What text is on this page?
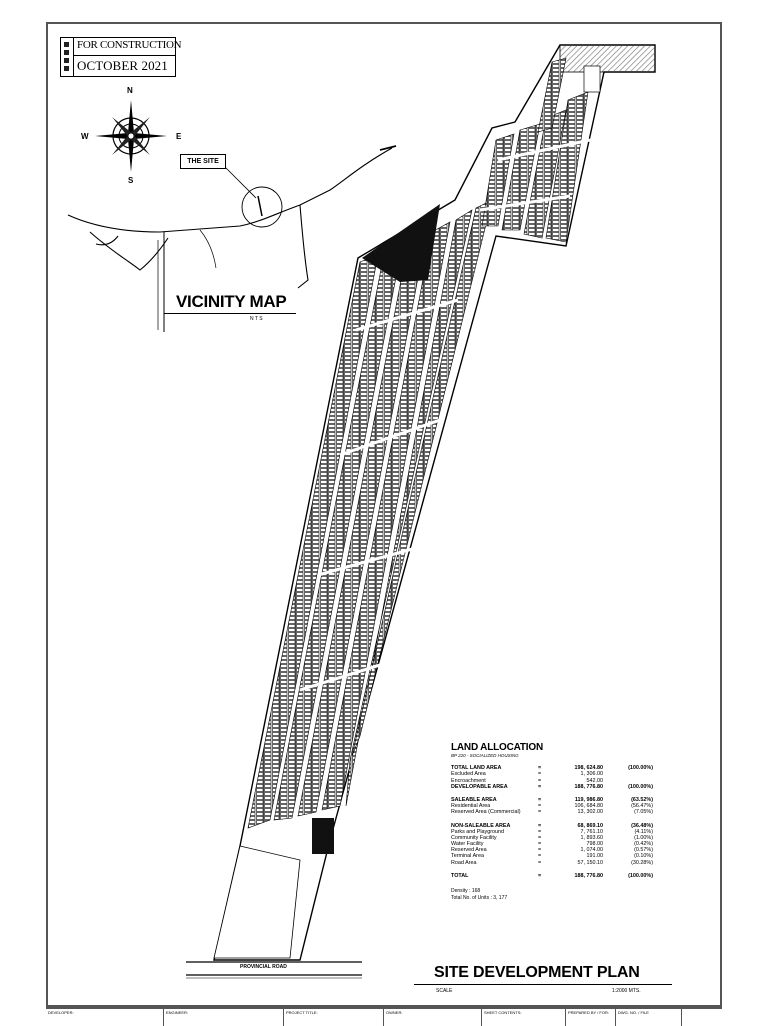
FOR CONSTRUCTION
OCTOBER 2021
N
S
E
W
THE SITE
VICINITY MAP
N T S
LAND ALLOCATION
BP 220 - SOCIALIZED HOUSING
TOTAL LAND AREA	=	198, 624.80	(100.00%)
Excluded Area	=	1, 306.00
Encroachment	=	542.00
DEVELOPABLE AREA	=	188, 776.80	(100.00%)
SALEABLE AREA	=	119, 986.80	(63.52%)
Residential Area	=	106, 684.80	(56.47%)
Reserved Area (Commercial)	=	13, 302.00	(7.05%)
NON-SALEABLE AREA	=	68, 869.10	(36.48%)
Parks and Playground	=	7, 761.10	(4.11%)
Community Facility	=	1, 893.60	(1.00%)
Water Facility	=	798.00	(0.42%)
Reserved Area	=	1, 074.00	(0.57%)
Terminal Area	=	191.00	(0.10%)
Road Area	=	57, 150.10	(30.28%)
TOTAL	=	188, 776.80	(100.00%)
Density : 168
Total No. of Units : 3, 177
PROVINCIAL ROAD	SITE DEVELOPMENT PLAN
SCALE	1:2000 MTS.
DEVELOPER:	ENGINEER:	PROJECT TITLE:	OWNER:	SHEET CONTENTS:	PREPARED BY / FOR:	DWG. NO. / FILE
